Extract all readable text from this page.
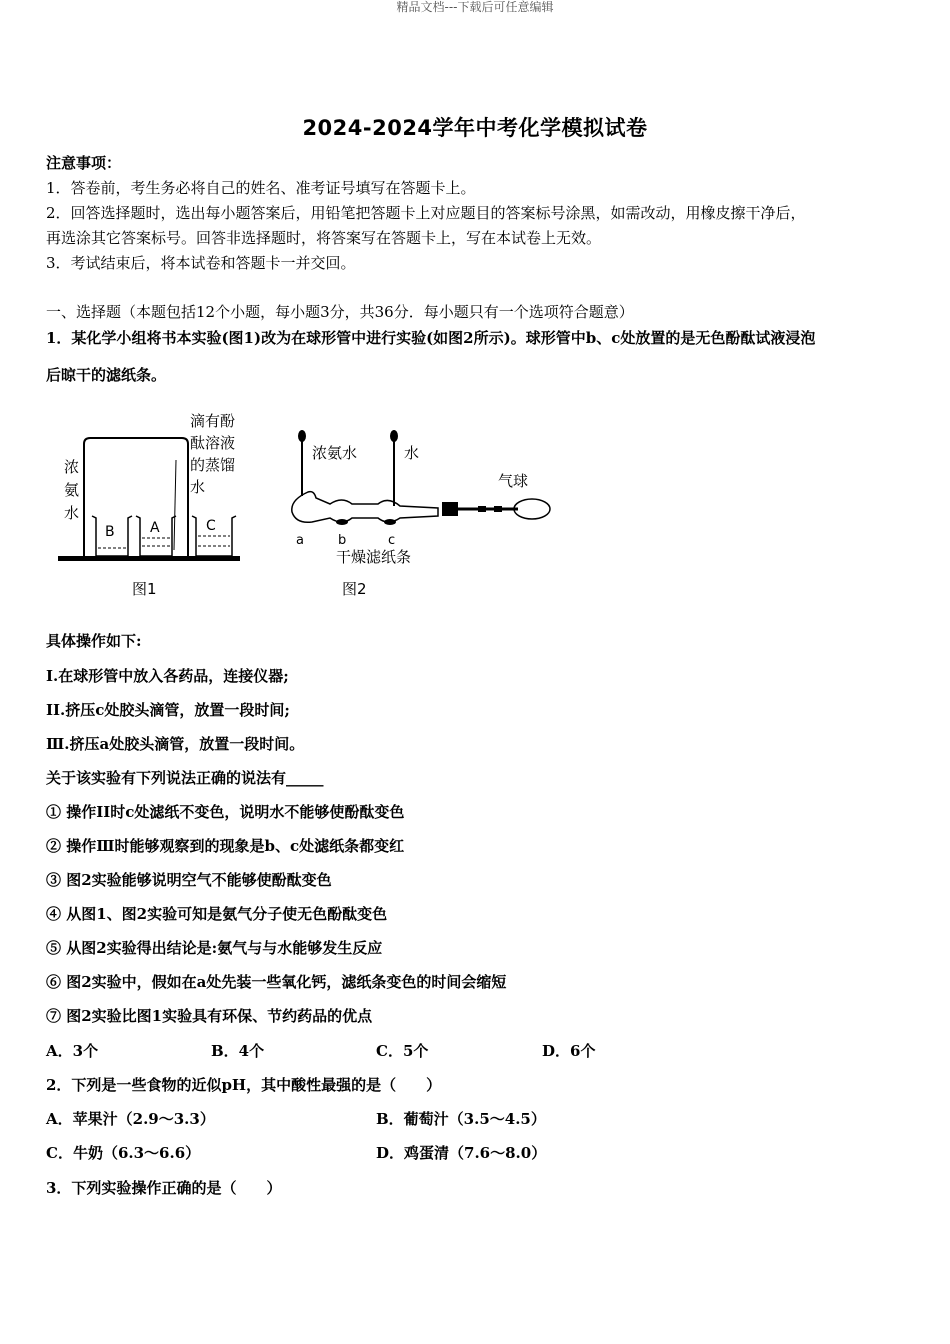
精品文档---下载后可任意编辑
2024-2024学年中考化学模拟试卷
注意事项：
1．答卷前，考生务必将自己的姓名、准考证号填写在答题卡上。
2．回答选择题时，选出每小题答案后，用铅笔把答题卡上对应题目的答案标号涂黑，如需改动，用橡皮擦干净后，
再选涂其它答案标号。回答非选择题时，将答案写在答题卡上，写在本试卷上无效。
3．考试结束后，将本试卷和答题卡一并交回。
一、选择题（本题包括12个小题，每小题3分，共36分．每小题只有一个选项符合题意）
1．某化学小组将书本实验(图1)改为在球形管中进行实验(如图2所示)。球形管中b、c处放置的是无色酚酞试液浸泡
后晾干的滤纸条。
B	A	C
浓
氨
水
滴有酚
酞溶液
的蒸馏
水
图1
浓氨水	水
气球
a	b	c
干燥滤纸条
图2
具体操作如下:
I.在球形管中放入各药品，连接仪器;
II.挤压c处胶头滴管，放置一段时间;
Ⅲ.挤压a处胶头滴管，放置一段时间。
关于该实验有下列说法正确的说法有_____
① 操作II时c处滤纸不变色，说明水不能够使酚酞变色
② 操作Ⅲ时能够观察到的现象是b、c处滤纸条都变红
③ 图2实验能够说明空气不能够使酚酞变色
④ 从图1、图2实验可知是氨气分子使无色酚酞变色
⑤ 从图2实验得出结论是:氨气与与水能够发生反应
⑥ 图2实验中，假如在a处先装一些氧化钙，滤纸条变色的时间会缩短
⑦ 图2实验比图1实验具有环保、节约药品的优点
A．3个	B．4个	C．5个	D．6个
2．下列是一些食物的近似pH，其中酸性最强的是（　　）
A．苹果汁（2.9～3.3）	B．葡萄汁（3.5～4.5）
C．牛奶（6.3～6.6）	D．鸡蛋清（7.6～8.0）
3．下列实验操作正确的是（　　）
